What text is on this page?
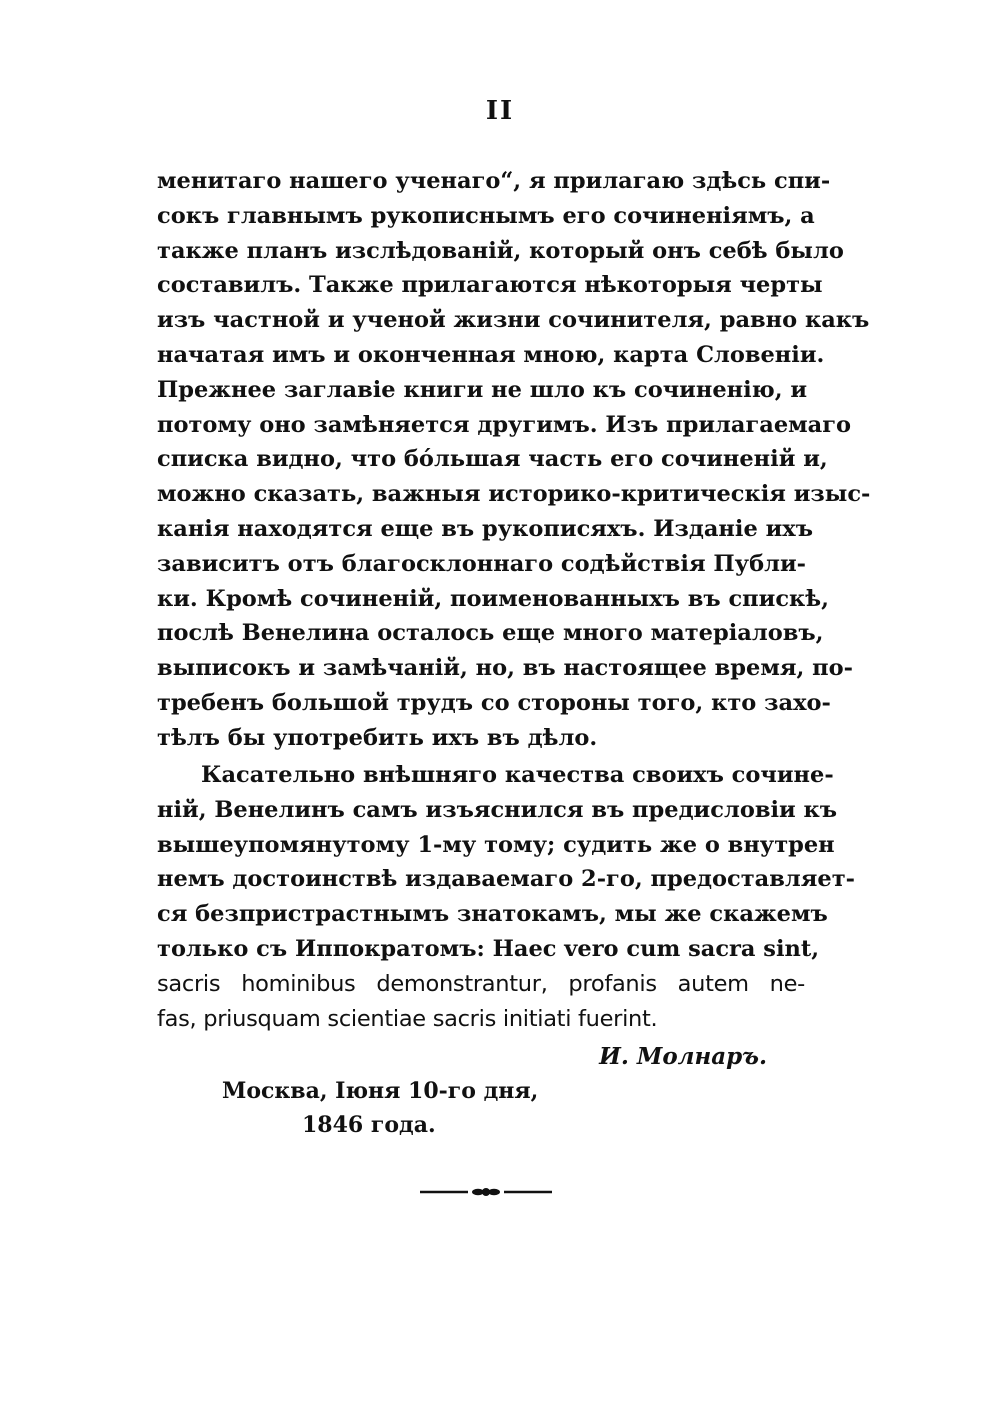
II

менитаго нашего ученаго“, я прилагаю здѣсь спи-
сокъ главнымъ рукописнымъ его сочиненіямъ, а
также планъ изслѣдованій, который онъ себѣ было
составилъ. Также прилагаются нѣкоторыя черты
изъ частной и ученой жизни сочинителя, равно какъ
начатая имъ и оконченная мною, карта Словеніи.
Прежнее заглавіе книги не шло къ сочиненію, и
потому оно замѣняется другимъ. Изъ прилагаемаго
списка видно, что бóльшая часть его сочиненій и,
можно сказать, важныя историко-критическія изыс-
канія находятся еще въ рукописяхъ. Изданіе ихъ
зависитъ отъ благосклоннаго содѣйствія Публи-
ки. Кромѣ сочиненій, поименованныхъ въ спискѣ,
послѣ Венелина осталось еще много матеріаловъ,
выписокъ и замѣчаній, но, въ настоящее время, по-
требенъ большой трудъ со стороны того, кто захо-
тѣлъ бы употребить ихъ въ дѣло.

Касательно внѣшняго качества своихъ сочине-
ній, Венелинъ самъ изъяснился въ предисловіи къ
вышеупомянутому 1-му тому; судить же о внутрен
немъ достоинствѣ издаваемаго 2-го, предоставляет-
ся безпристрастнымъ знатокамъ, мы же скажемъ
только съ Иппократомъ: Haec vero cum sacra sint,
sacris hominibus demonstrantur, profanis autem ne-
fas, priusquam scientiae sacris initiati fuerint.

И. Молнаръ.
Москва, Іюня 10-го дня,
1846 года.
